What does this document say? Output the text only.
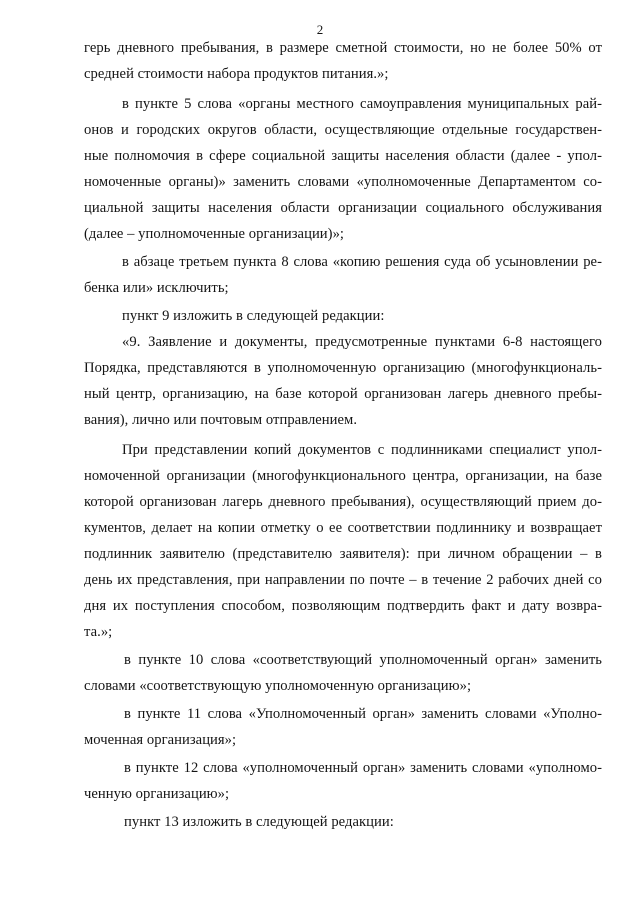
2
герь дневного пребывания, в размере сметной стоимости, но не более 50% от
средней стоимости набора продуктов питания.»;
в пункте 5 слова «органы местного самоуправления муниципальных рай-
онов и городских округов области, осуществляющие отдельные государствен-
ные полномочия в сфере социальной защиты населения области (далее - упол-
номоченные органы)» заменить словами «уполномоченные Департаментом со-
циальной защиты населения области организации социального обслуживания
(далее – уполномоченные организации)»;
в абзаце третьем пункта 8 слова «копию решения суда об усыновлении ре-
бенка или» исключить;
пункт 9 изложить в следующей редакции:
«9. Заявление и документы, предусмотренные пунктами 6-8 настоящего
Порядка, представляются в уполномоченную организацию (многофункциональ-
ный центр, организацию, на базе которой организован лагерь дневного пребы-
вания), лично или почтовым отправлением.
При представлении копий документов с подлинниками специалист упол-
номоченной организации (многофункционального центра, организации, на базе
которой организован лагерь дневного пребывания), осуществляющий прием до-
кументов, делает на копии отметку о ее соответствии подлиннику и возвращает
подлинник заявителю (представителю заявителя): при личном обращении – в
день их представления, при направлении по почте – в течение 2 рабочих дней со
дня их поступления способом, позволяющим подтвердить факт и дату возвра-
та.»;
в пункте 10 слова «соответствующий уполномоченный орган» заменить
словами «соответствующую уполномоченную организацию»;
в пункте 11 слова «Уполномоченный орган» заменить словами «Уполно-
моченная организация»;
в пункте 12 слова «уполномоченный орган» заменить словами «уполномо-
ченную организацию»;
пункт 13 изложить в следующей редакции:
